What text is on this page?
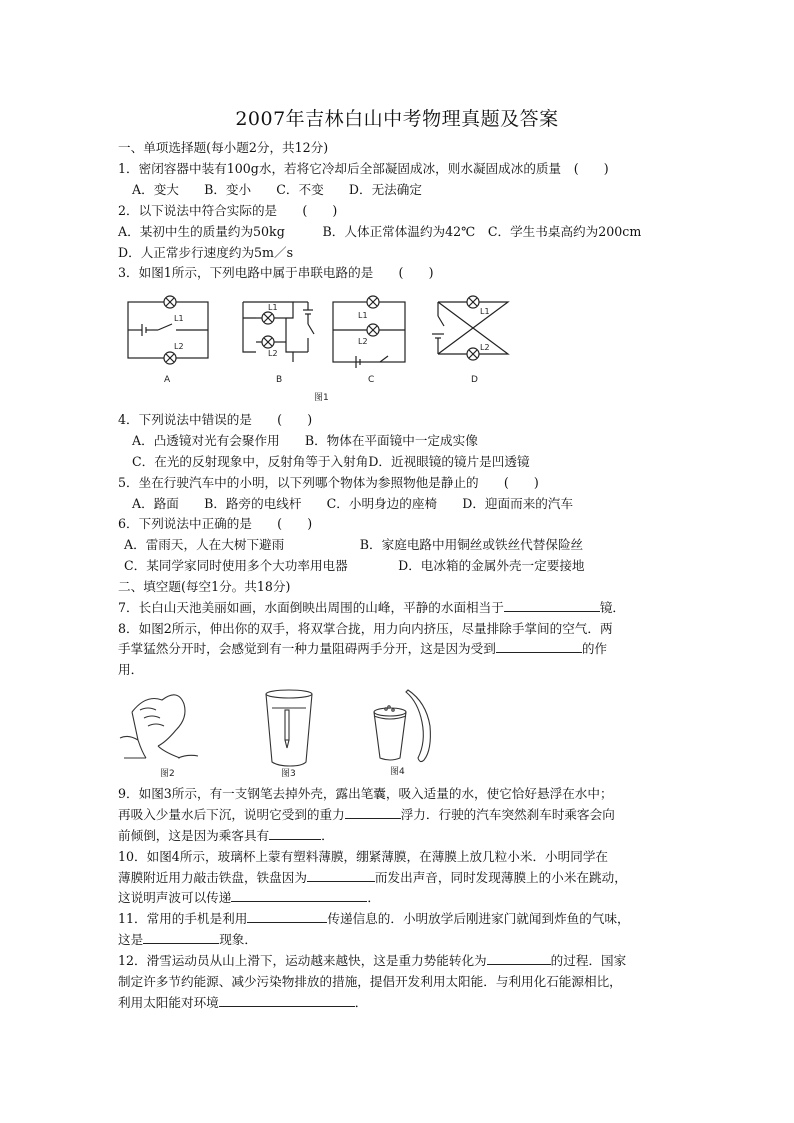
2007年吉林白山中考物理真题及答案
一、单项选择题(每小题2分，共12分)
1．密闭容器中装有100g水，若将它冷却后全部凝固成冰，则水凝固成冰的质量　(　　)
A．变大　　B．变小　　C．不变　　D．无法确定
2．以下说法中符合实际的是　　(　　)
A．某初中生的质量约为50kg　　　B．人体正常体温约为42℃　C．学生书桌高约为200cm
D．人正常步行速度约为5m／s
3．如图1所示，下列电路中属于串联电路的是　　(　　)
L1
L2
L1
L2
L1
L2
L1
L2
A	B	C	D
图1
4．下列说法中错误的是　　(　　)
A．凸透镜对光有会聚作用　　B．物体在平面镜中一定成实像
C．在光的反射现象中，反射角等于入射角D．近视眼镜的镜片是凹透镜
5．坐在行驶汽车中的小明，以下列哪个物体为参照物他是静止的　　(　　)
A．路面　　B．路旁的电线杆　　C．小明身边的座椅　　D．迎面而来的汽车
6．下列说法中正确的是　　(　　)
A．雷雨天，人在大树下避雨　　　　　　B．家庭电路中用铜丝或铁丝代替保险丝
C．某同学家同时使用多个大功率用电器　　　　D．电冰箱的金属外壳一定要接地
二、填空题(每空1分。共18分)
7．长白山天池美丽如画，水面倒映出周围的山峰，平静的水面相当于	镜．
8．如图2所示，伸出你的双手，将双掌合拢，用力向内挤压，尽量排除手掌间的空气．两
手掌猛然分开时，会感觉到有一种力量阻碍两手分开，这是因为受到	的作
用．
图2	图3	图4
9．如图3所示，有一支钢笔去掉外壳，露出笔囊，吸入适量的水，使它恰好悬浮在水中；
再吸入少量水后下沉，说明它受到的重力	浮力．行驶的汽车突然刹车时乘客会向
前倾倒，这是因为乘客具有	．
10．如图4所示，玻璃杯上蒙有塑料薄膜，绷紧薄膜，在薄膜上放几粒小米．小明同学在
薄膜附近用力敲击铁盘，铁盘因为	而发出声音，同时发现薄膜上的小米在跳动，
这说明声波可以传递	．
11．常用的手机是利用	传递信息的．小明放学后刚进家门就闻到炸鱼的气味，
这是	现象．
12．滑雪运动员从山上滑下，运动越来越快，这是重力势能转化为	的过程．国家
制定许多节约能源、减少污染物排放的措施，提倡开发利用太阳能．与利用化石能源相比，
利用太阳能对环境	．
